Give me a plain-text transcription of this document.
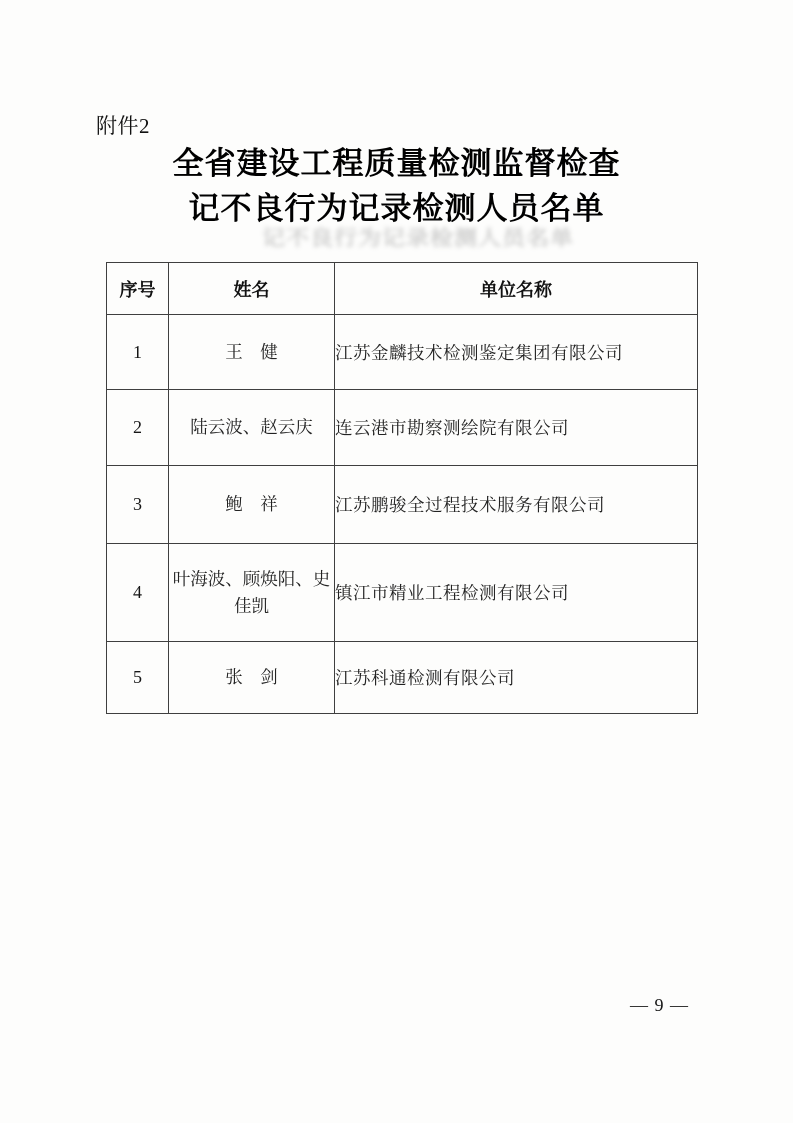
附件2
全省建设工程质量检测监督检查
记不良行为记录检测人员名单
记不良行为记录检测人员名单
序号	姓名	单位名称
1	王　健	江苏金麟技术检测鉴定集团有限公司
2	陆云波、赵云庆	连云港市勘察测绘院有限公司
3	鲍　祥	江苏鹏骏全过程技术服务有限公司
4	叶海波、顾焕阳、史佳凯	镇江市精业工程检测有限公司
5	张　剑	江苏科通检测有限公司
— 9 —
